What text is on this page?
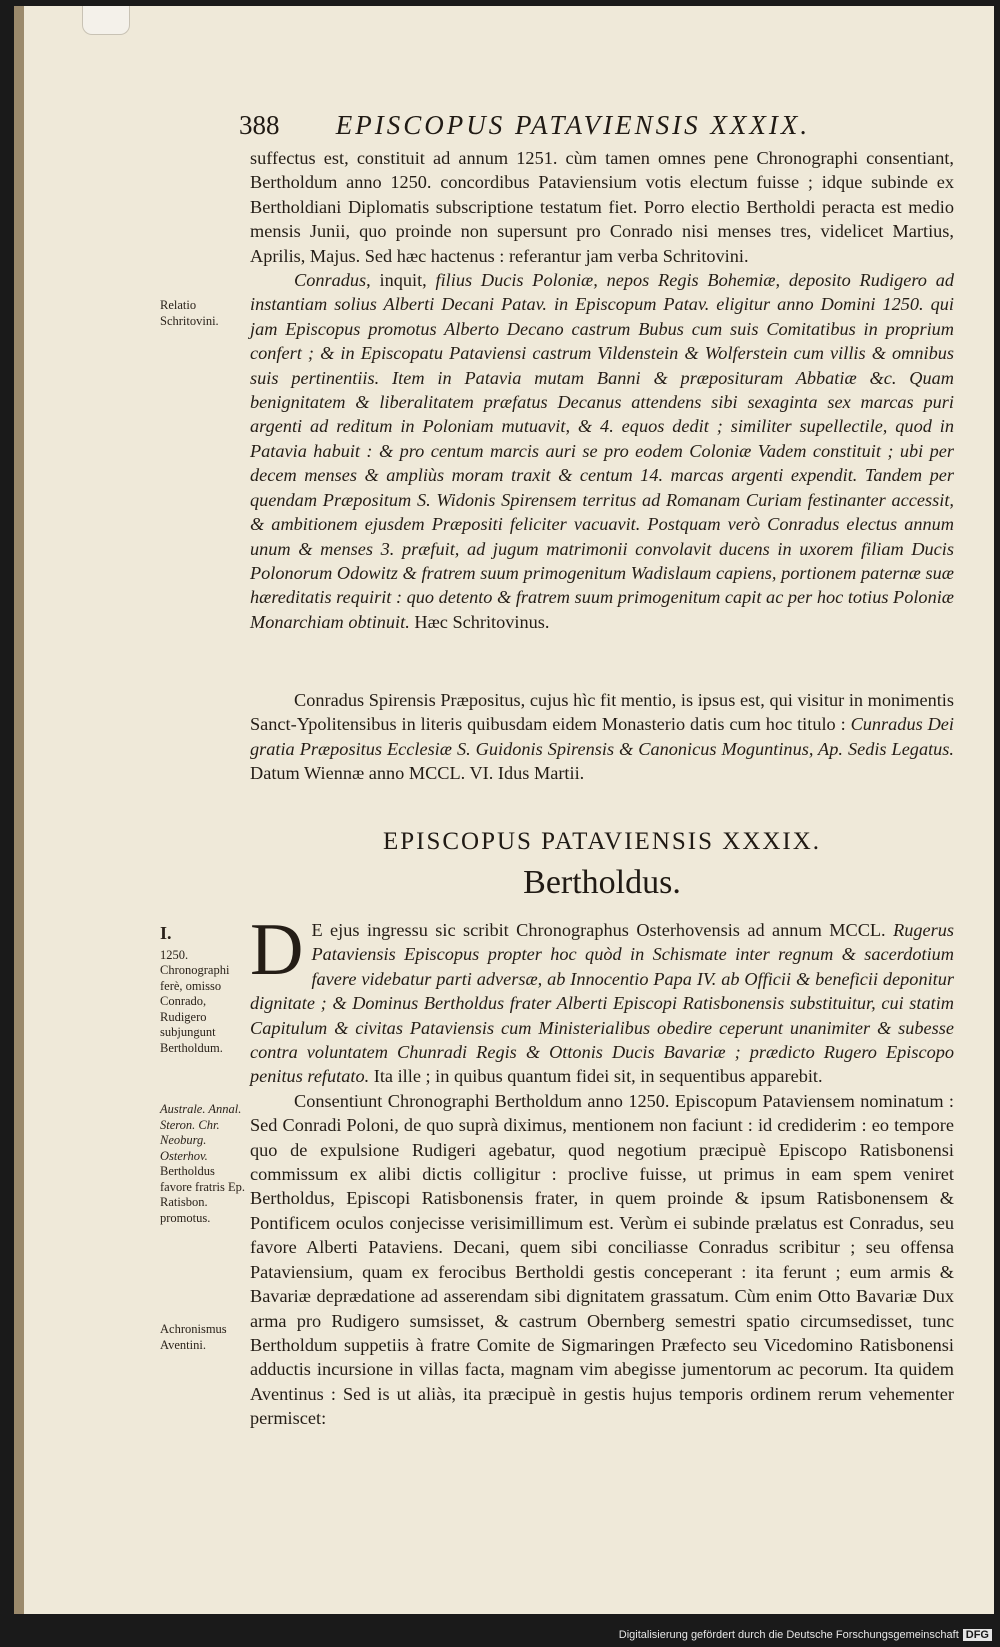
388 EPISCOPUS PATAVIENSIS XXXIX.
Relatio Schritovini.
I.
1250. Chronographi ferè, omisso Conrado, Rudigero subjungunt Bertholdum.
Australe. Annal. Steron. Chr. Neoburg. Osterhov.
Bertholdus favore fratris Ep. Ratisbon. promotus.
Achronismus Aventini.

suffectus est, constituit ad annum 1251. cùm tamen omnes pene Chronographi consentiant, Bertholdum anno 1250. concordibus Pataviensium votis electum fuisse ; idque subinde ex Bertholdiani Diplomatis subscriptione testatum fiet. Porro electio Bertholdi peracta est medio mensis Junii, quo proinde non supersunt pro Conrado nisi menses tres, videlicet Martius, Aprilis, Majus. Sed hæc hactenus : referantur jam verba Schritovini.

Conradus, inquit, filius Ducis Poloniæ, nepos Regis Bohemiæ, deposito Rudigero ad instantiam solius Alberti Decani Patav. in Episcopum Patav. eligitur anno Domini 1250. qui jam Episcopus promotus Alberto Decano castrum Bubus cum suis Comitatibus in proprium confert ; & in Episcopatu Pataviensi castrum Vildenstein & Wolferstein cum villis & omnibus suis pertinentiis. Item in Patavia mutam Banni & præposituram Abbatiæ &c. Quam benignitatem & liberalitatem præfatus Decanus attendens sibi sexaginta sex marcas puri argenti ad reditum in Poloniam mutuavit, & 4. equos dedit ; similiter supellectile, quod in Patavia habuit : & pro centum marcis auri se pro eodem Coloniæ Vadem constituit ; ubi per decem menses & ampliùs moram traxit & centum 14. marcas argenti expendit. Tandem per quendam Præpositum S. Widonis Spirensem territus ad Romanam Curiam festinanter accessit, & ambitionem ejusdem Præpositi feliciter vacuavit. Postquam verò Conradus electus annum unum & menses 3. præfuit, ad jugum matrimonii convolavit ducens in uxorem filiam Ducis Polonorum Odowitz & fratrem suum primogenitum Wadislaum capiens, portionem paternæ suæ hæreditatis requirit : quo detento & fratrem suum primogenitum capit ac per hoc totius Poloniæ Monarchiam obtinuit. Hæc Schritovinus.

Conradus Spirensis Præpositus, cujus hìc fit mentio, is ipsus est, qui visitur in monimentis Sanct-Ypolitensibus in literis quibusdam eidem Monasterio datis cum hoc titulo : Cunradus Dei gratia Præpositus Ecclesiæ S. Guidonis Spirensis & Canonicus Moguntinus, Ap. Sedis Legatus. Datum Wiennæ anno MCCL. VI. Idus Martii.

EPISCOPUS PATAVIENSIS XXXIX.
Bertholdus.

D E ejus ingressu sic scribit Chronographus Osterhovensis ad annum MCCL. Rugerus Pataviensis Episcopus propter hoc quòd in Schismate inter regnum & sacerdotium favere videbatur parti adversæ, ab Innocentio Papa IV. ab Officii & beneficii deponitur dignitate ; & Dominus Bertholdus frater Alberti Episcopi Ratisbonensis substituitur, cui statim Capitulum & civitas Pataviensis cum Ministerialibus obedire ceperunt unanimiter & subesse contra voluntatem Chunradi Regis & Ottonis Ducis Bavariæ ; prædicto Rugero Episcopo penitus refutato. Ita ille ; in quibus quantum fidei sit, in sequentibus apparebit.

Consentiunt Chronographi Bertholdum anno 1250. Episcopum Pataviensem nominatum : Sed Conradi Poloni, de quo suprà diximus, mentionem non faciunt : id crediderim : eo tempore quo de expulsione Rudigeri agebatur, quod negotium præcipuè Episcopo Ratisbonensi commissum ex alibi dictis colligitur : proclive fuisse, ut primus in eam spem veniret Bertholdus, Episcopi Ratisbonensis frater, in quem proinde & ipsum Ratisbonensem & Pontificem oculos conjecisse verisimillimum est. Verùm ei subinde prælatus est Conradus, seu favore Alberti Pataviens. Decani, quem sibi conciliasse Conradus scribitur ; seu offensa Pataviensium, quam ex ferocibus Bertholdi gestis conceperant : ita ferunt ; eum armis & Bavariæ deprædatione ad asserendam sibi dignitatem grassatum. Cùm enim Otto Bavariæ Dux arma pro Rudigero sumsisset, & castrum Obernberg semestri spatio circumsedisset, tunc Bertholdum suppetiis à fratre Comite de Sigmaringen Præfecto seu Vicedomino Ratisbonensi adductis incursione in villas facta, magnam vim abegisse jumentorum ac pecorum. Ita quidem Aventinus : Sed is ut aliàs, ita præcipuè in gestis hujus temporis ordinem rerum vehementer permiscet:

Digitalisierung gefördert durch die Deutsche Forschungsgemeinschaft DFG
